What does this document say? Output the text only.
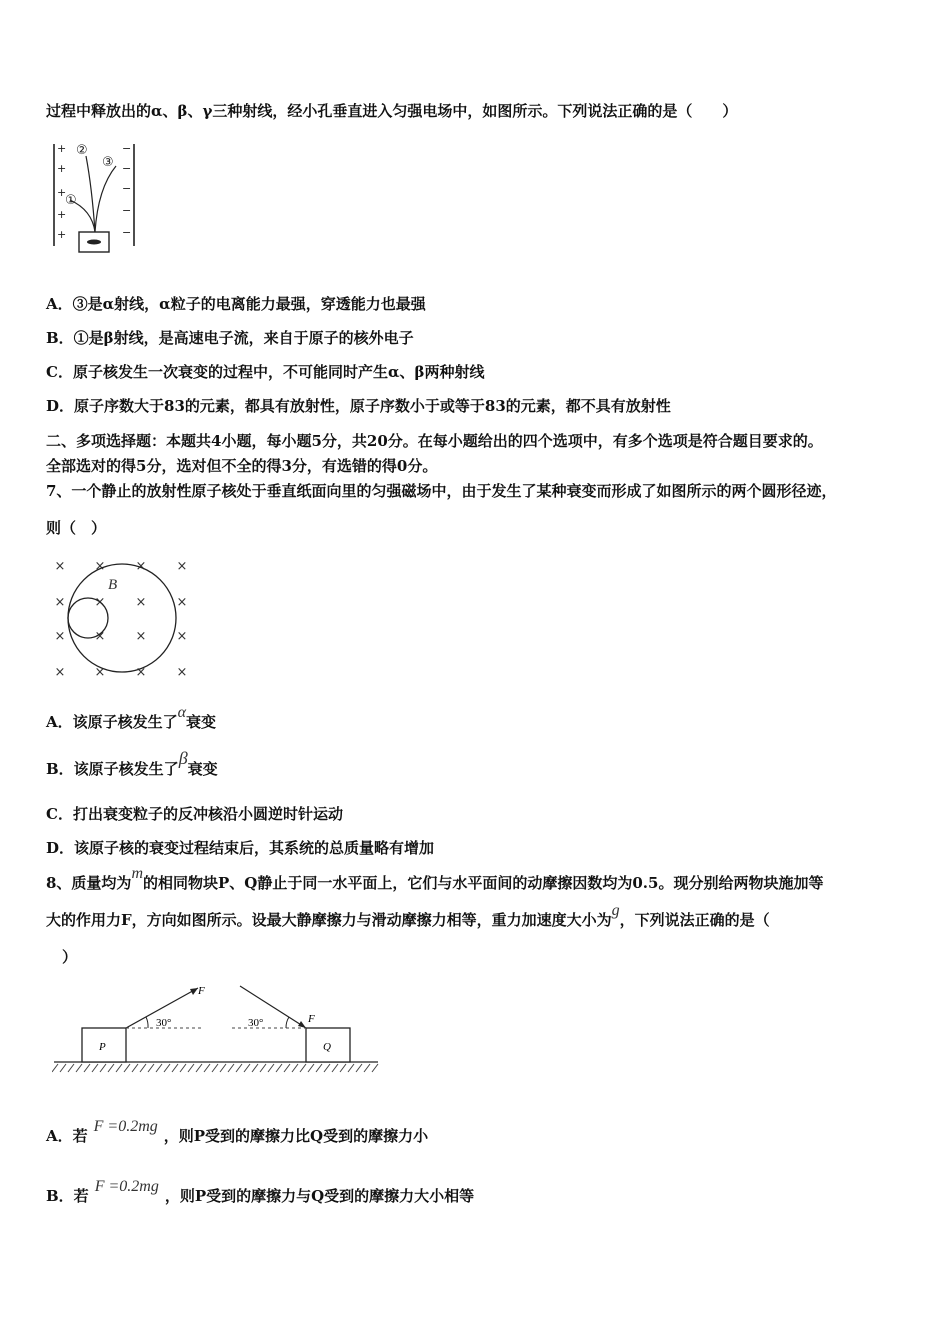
过程中释放出的α、β、γ三种射线，经小孔垂直进入匀强电场中，如图所示。下列说法正确的是（　　）
+
+
+
+
+
−
−
−
−
−
①
②
③
A．③是α射线，α粒子的电离能力最强，穿透能力也最强
B．①是β射线，是高速电子流，来自于原子的核外电子
C．原子核发生一次衰变的过程中，不可能同时产生α、β两种射线
D．原子序数大于83的元素，都具有放射性，原子序数小于或等于83的元素，都不具有放射性
二、多项选择题：本题共4小题，每小题5分，共20分。在每小题给出的四个选项中，有多个选项是符合题目要求的。
全部选对的得5分，选对但不全的得3分，有选错的得0分。
7、一个静止的放射性原子核处于垂直纸面向里的匀强磁场中，由于发生了某种衰变而形成了如图所示的两个圆形径迹，
则（　）
× × × ×
× × × ×
× × × ×
× × × ×
B
A．该原子核发生了α衰变
B．该原子核发生了β衰变
C．打出衰变粒子的反冲核沿小圆逆时针运动
D．该原子核的衰变过程结束后，其系统的总质量略有增加
8、质量均为m的相同物块P、Q静止于同一水平面上，它们与水平面间的动摩擦因数均为0.5。现分别给两物块施加等
大的作用力F，方向如图所示。设最大静摩擦力与滑动摩擦力相等，重力加速度大小为g，下列说法正确的是（
）
P	Q
30°
F
30°	F
A．若F =0.2mg，则P受到的摩擦力比Q受到的摩擦力小
B．若F =0.2mg，则P受到的摩擦力与Q受到的摩擦力大小相等
